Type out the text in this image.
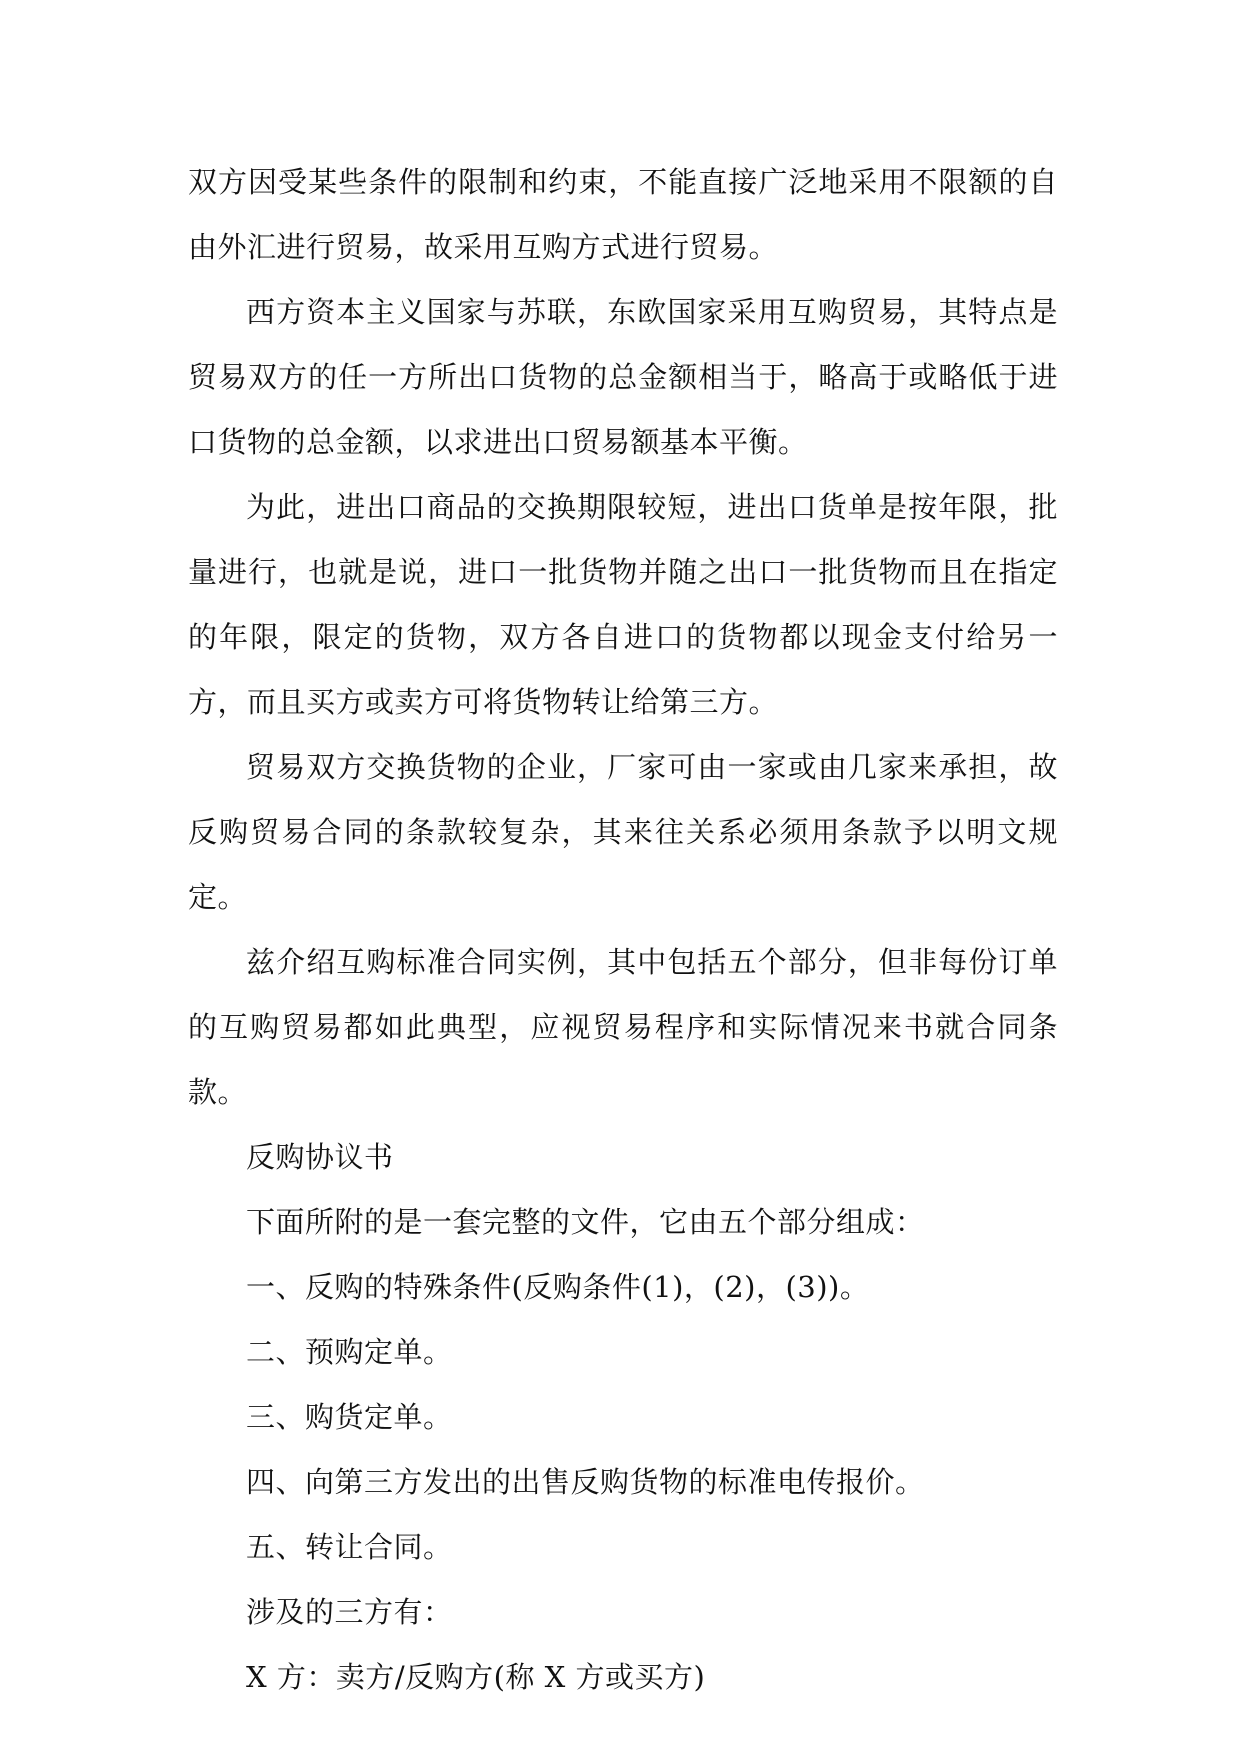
双方因受某些条件的限制和约束，不能直接广泛地采用不限额的自由外汇进行贸易，故采用互购方式进行贸易。

西方资本主义国家与苏联，东欧国家采用互购贸易，其特点是贸易双方的任一方所出口货物的总金额相当于，略高于或略低于进口货物的总金额，以求进出口贸易额基本平衡。

为此，进出口商品的交换期限较短，进出口货单是按年限，批量进行，也就是说，进口一批货物并随之出口一批货物而且在指定的年限，限定的货物，双方各自进口的货物都以现金支付给另一方，而且买方或卖方可将货物转让给第三方。

贸易双方交换货物的企业，厂家可由一家或由几家来承担，故反购贸易合同的条款较复杂，其来往关系必须用条款予以明文规定。

兹介绍互购标准合同实例，其中包括五个部分，但非每份订单的互购贸易都如此典型，应视贸易程序和实际情况来书就合同条款。

反购协议书

下面所附的是一套完整的文件，它由五个部分组成：

一、反购的特殊条件(反购条件(1)，(2)，(3))。

二、预购定单。

三、购货定单。

四、向第三方发出的出售反购货物的标准电传报价。

五、转让合同。

涉及的三方有：

X 方：卖方/反购方(称 X 方或买方)
